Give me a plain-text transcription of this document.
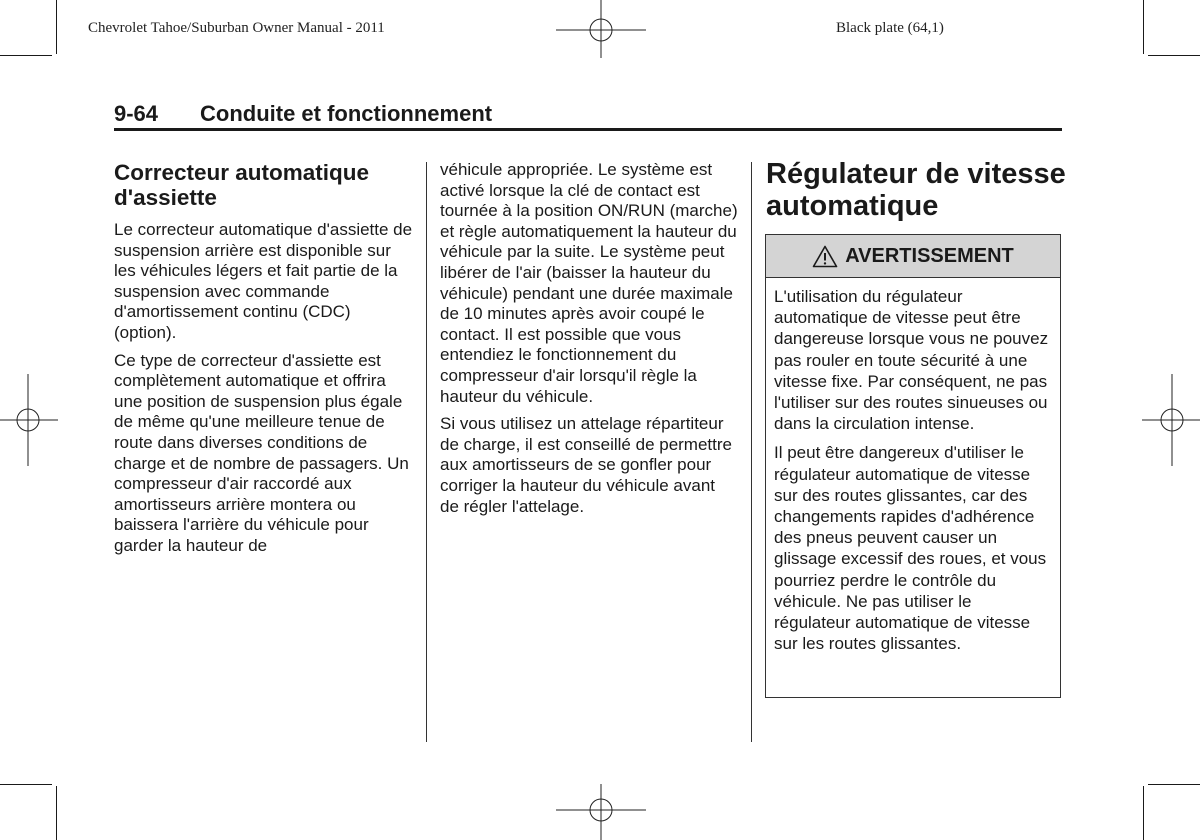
Chevrolet Tahoe/Suburban Owner Manual - 2011	Black plate (64,1)
9-64 Conduite et fonctionnement
Correcteur automatique d'assiette

Le correcteur automatique d'assiette de suspension arrière est disponible sur les véhicules légers et fait partie de la suspension avec commande d'amortissement continu (CDC) (option).

Ce type de correcteur d'assiette est complètement automatique et offrira une position de suspension plus égale de même qu'une meilleure tenue de route dans diverses conditions de charge et de nombre de passagers. Un compresseur d'air raccordé aux amortisseurs arrière montera ou baissera l'arrière du véhicule pour garder la hauteur de

véhicule appropriée. Le système est activé lorsque la clé de contact est tournée à la position ON/RUN (marche) et règle automatiquement la hauteur du véhicule par la suite. Le système peut libérer de l'air (baisser la hauteur du véhicule) pendant une durée maximale de 10 minutes après avoir coupé le contact. Il est possible que vous entendiez le fonctionnement du compresseur d'air lorsqu'il règle la hauteur du véhicule.

Si vous utilisez un attelage répartiteur de charge, il est conseillé de permettre aux amortisseurs de se gonfler pour corriger la hauteur du véhicule avant de régler l'attelage.

Régulateur de vitesse automatique
AVERTISSEMENT

L'utilisation du régulateur automatique de vitesse peut être dangereuse lorsque vous ne pouvez pas rouler en toute sécurité à une vitesse fixe. Par conséquent, ne pas l'utiliser sur des routes sinueuses ou dans la circulation intense.

Il peut être dangereux d'utiliser le régulateur automatique de vitesse sur des routes glissantes, car des changements rapides d'adhérence des pneus peuvent causer un glissage excessif des roues, et vous pourriez perdre le contrôle du véhicule. Ne pas utiliser le régulateur automatique de vitesse sur les routes glissantes.
